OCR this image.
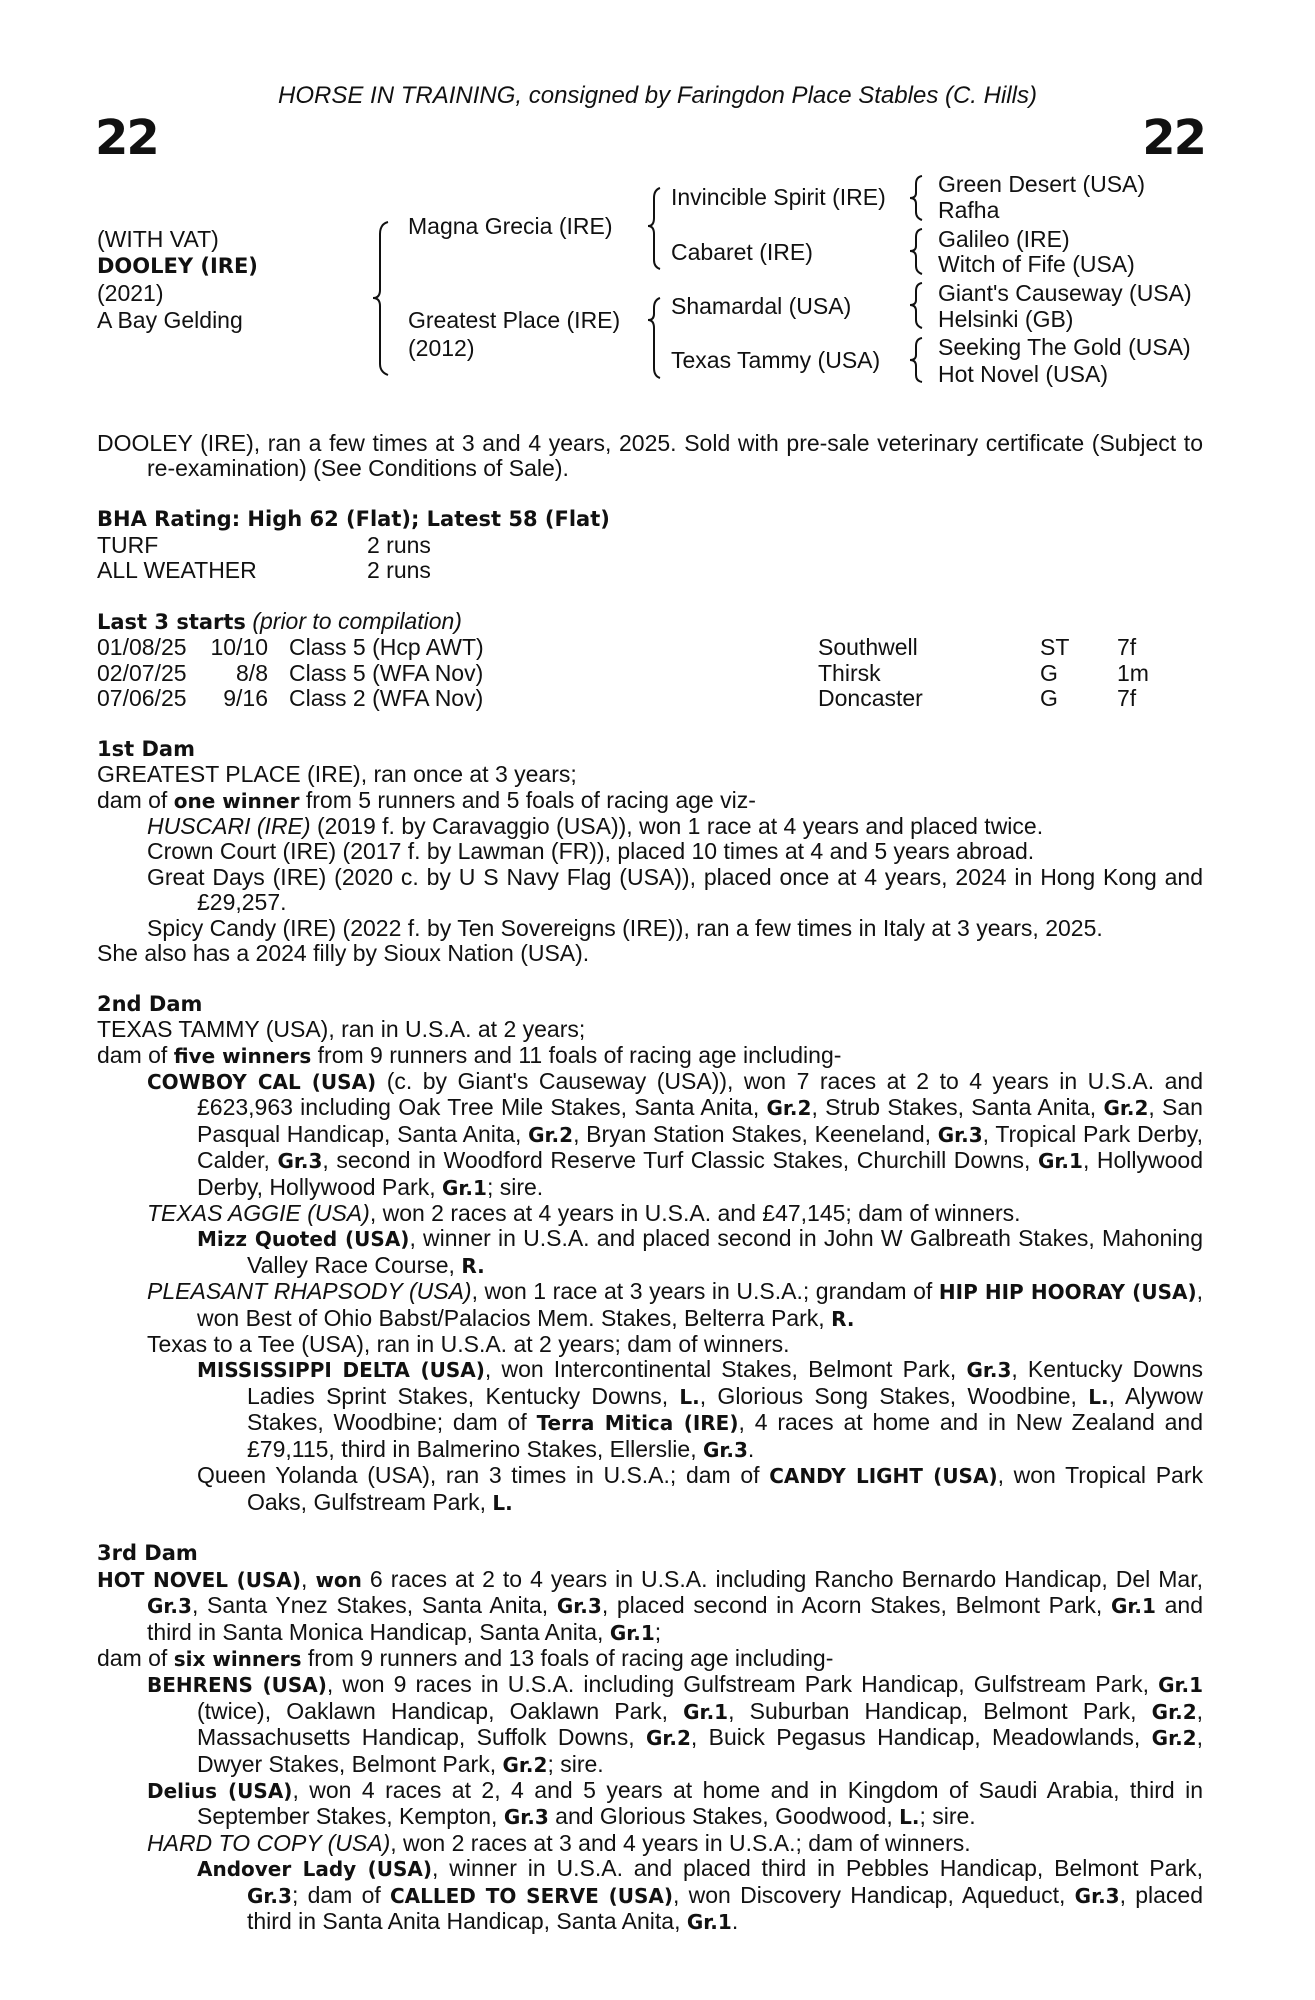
HORSE IN TRAINING, consigned by Faringdon Place Stables (C. Hills)
22	22
(WITH VAT)
DOOLEY (IRE)
(2021)
A Bay Gelding
Magna Grecia (IRE)
Greatest Place (IRE)
(2012)
Invincible Spirit (IRE)
Cabaret (IRE)
Shamardal (USA)
Texas Tammy (USA)
Green Desert (USA)
Rafha
Galileo (IRE)
Witch of Fife (USA)
Giant's Causeway (USA)
Helsinki (GB)
Seeking The Gold (USA)
Hot Novel (USA)

DOOLEY (IRE), ran a few times at 3 and 4 years, 2025. Sold with pre-sale veterinary certificate (Subject to re-examination) (See Conditions of Sale).

BHA Rating: High 62 (Flat); Latest 58 (Flat)
TURF	2 runs
ALL WEATHER	2 runs
Last 3 starts (prior to compilation)
01/08/25 10/10 Class 5 (Hcp AWT)	Southwell	ST 7f
02/07/25 8/8 Class 5 (WFA Nov)	Thirsk	G	1m
07/06/25 9/16 Class 2 (WFA Nov)	Doncaster	G	7f
1st Dam

GREATEST PLACE (IRE), ran once at 3 years;

dam of one winner from 5 runners and 5 foals of racing age viz-

HUSCARI (IRE) (2019 f. by Caravaggio (USA)), won 1 race at 4 years and placed twice.

Crown Court (IRE) (2017 f. by Lawman (FR)), placed 10 times at 4 and 5 years abroad.

Great Days (IRE) (2020 c. by U S Navy Flag (USA)), placed once at 4 years, 2024 in Hong Kong and £29,257.

Spicy Candy (IRE) (2022 f. by Ten Sovereigns (IRE)), ran a few times in Italy at 3 years, 2025.

She also has a 2024 filly by Sioux Nation (USA).

2nd Dam

TEXAS TAMMY (USA), ran in U.S.A. at 2 years;

dam of five winners from 9 runners and 11 foals of racing age including-

COWBOY CAL (USA) (c. by Giant's Causeway (USA)), won 7 races at 2 to 4 years in U.S.A. and £623,963 including Oak Tree Mile Stakes, Santa Anita, Gr.2, Strub Stakes, Santa Anita, Gr.2, San Pasqual Handicap, Santa Anita, Gr.2, Bryan Station Stakes, Keeneland, Gr.3, Tropical Park Derby, Calder, Gr.3, second in Woodford Reserve Turf Classic Stakes, Churchill Downs, Gr.1, Hollywood Derby, Hollywood Park, Gr.1; sire.

TEXAS AGGIE (USA), won 2 races at 4 years in U.S.A. and £47,145; dam of winners.

Mizz Quoted (USA), winner in U.S.A. and placed second in John W Galbreath Stakes, Mahoning Valley Race Course, R.

PLEASANT RHAPSODY (USA), won 1 race at 3 years in U.S.A.; grandam of HIP HIP HOORAY (USA), won Best of Ohio Babst/Palacios Mem. Stakes, Belterra Park, R.

Texas to a Tee (USA), ran in U.S.A. at 2 years; dam of winners.

MISSISSIPPI DELTA (USA), won Intercontinental Stakes, Belmont Park, Gr.3, Kentucky Downs Ladies Sprint Stakes, Kentucky Downs, L., Glorious Song Stakes, Woodbine, L., Alywow Stakes, Woodbine; dam of Terra Mitica (IRE), 4 races at home and in New Zealand and £79,115, third in Balmerino Stakes, Ellerslie, Gr.3.

Queen Yolanda (USA), ran 3 times in U.S.A.; dam of CANDY LIGHT (USA), won Tropical Park Oaks, Gulfstream Park, L.

3rd Dam

HOT NOVEL (USA), won 6 races at 2 to 4 years in U.S.A. including Rancho Bernardo Handicap, Del Mar, Gr.3, Santa Ynez Stakes, Santa Anita, Gr.3, placed second in Acorn Stakes, Belmont Park, Gr.1 and third in Santa Monica Handicap, Santa Anita, Gr.1;

dam of six winners from 9 runners and 13 foals of racing age including-

BEHRENS (USA), won 9 races in U.S.A. including Gulfstream Park Handicap, Gulfstream Park, Gr.1 (twice), Oaklawn Handicap, Oaklawn Park, Gr.1, Suburban Handicap, Belmont Park, Gr.2, Massachusetts Handicap, Suffolk Downs, Gr.2, Buick Pegasus Handicap, Meadowlands, Gr.2, Dwyer Stakes, Belmont Park, Gr.2; sire.

Delius (USA), won 4 races at 2, 4 and 5 years at home and in Kingdom of Saudi Arabia, third in September Stakes, Kempton, Gr.3 and Glorious Stakes, Goodwood, L.; sire.

HARD TO COPY (USA), won 2 races at 3 and 4 years in U.S.A.; dam of winners.

Andover Lady (USA), winner in U.S.A. and placed third in Pebbles Handicap, Belmont Park, Gr.3; dam of CALLED TO SERVE (USA), won Discovery Handicap, Aqueduct, Gr.3, placed third in Santa Anita Handicap, Santa Anita, Gr.1.
